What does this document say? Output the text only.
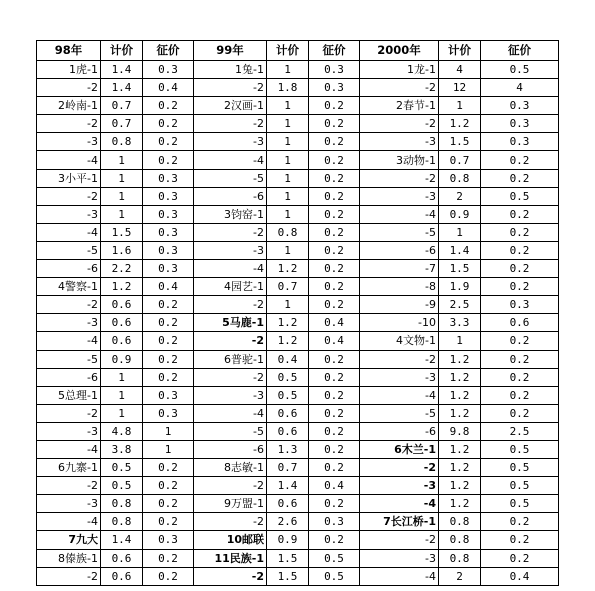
98年	计价	征价	99年	计价	征价	2000年	计价	征价
1虎-1	1.4	0.3	1兔-1	1	0.3	1龙-1	4	0.5
-2	1.4	0.4	-2	1.8	0.3	-2	12	4
2岭南-1	0.7	0.2	2汉画-1	1	0.2	2春节-1	1	0.3
-2	0.7	0.2	-2	1	0.2	-2	1.2	0.3
-3	0.8	0.2	-3	1	0.2	-3	1.5	0.3
-4	1	0.2	-4	1	0.2	3动物-1	0.7	0.2
3小平-1	1	0.3	-5	1	0.2	-2	0.8	0.2
-2	1	0.3	-6	1	0.2	-3	2	0.5
-3	1	0.3	3钧窑-1	1	0.2	-4	0.9	0.2
-4	1.5	0.3	-2	0.8	0.2	-5	1	0.2
-5	1.6	0.3	-3	1	0.2	-6	1.4	0.2
-6	2.2	0.3	-4	1.2	0.2	-7	1.5	0.2
4警察-1	1.2	0.4	4园艺-1	0.7	0.2	-8	1.9	0.2
-2	0.6	0.2	-2	1	0.2	-9	2.5	0.3
-3	0.6	0.2	5马鹿-1	1.2	0.4	-10	3.3	0.6
-4	0.6	0.2	-2	1.2	0.4	4文物-1	1	0.2
-5	0.9	0.2	6普驼-1	0.4	0.2	-2	1.2	0.2
-6	1	0.2	-2	0.5	0.2	-3	1.2	0.2
5总理-1	1	0.3	-3	0.5	0.2	-4	1.2	0.2
-2	1	0.3	-4	0.6	0.2	-5	1.2	0.2
-3	4.8	1	-5	0.6	0.2	-6	9.8	2.5
-4	3.8	1	-6	1.3	0.2	6木兰-1	1.2	0.5
6九寨-1	0.5	0.2	8志敏-1	0.7	0.2	-2	1.2	0.5
-2	0.5	0.2	-2	1.4	0.4	-3	1.2	0.5
-3	0.8	0.2	9万盟-1	0.6	0.2	-4	1.2	0.5
-4	0.8	0.2	-2	2.6	0.3	7长江桥-1	0.8	0.2
7九大	1.4	0.3	10邮联	0.9	0.2	-2	0.8	0.2
8傣族-1	0.6	0.2	11民族-1	1.5	0.5	-3	0.8	0.2
-2	0.6	0.2	-2	1.5	0.5	-4	2	0.4
